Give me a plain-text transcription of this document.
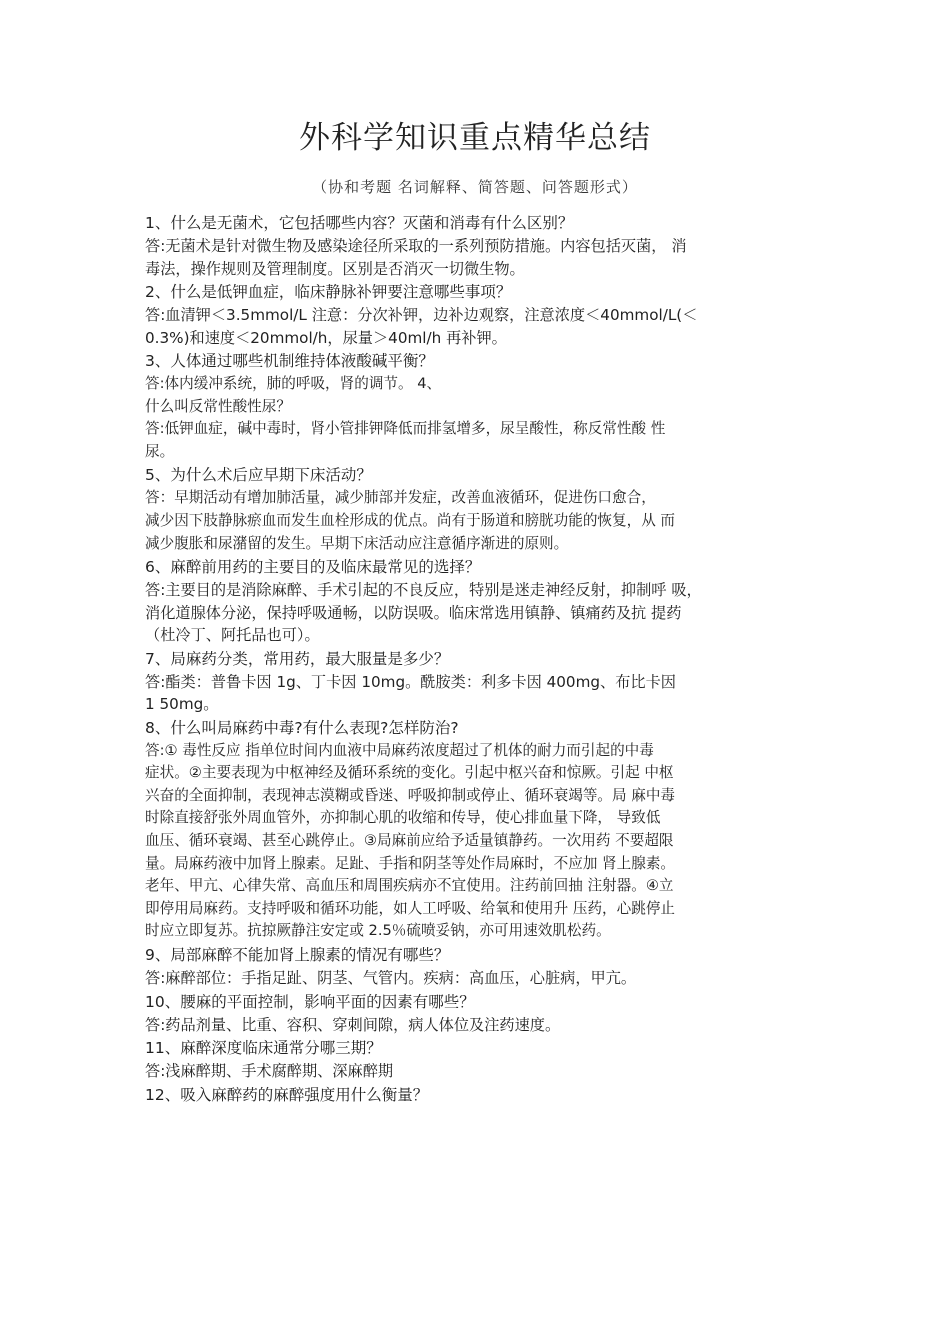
外科学知识重点精华总结
（协和考题 名词解释、简答题、问答题形式）
1、什么是无菌术，它包括哪些内容？灭菌和消毒有什么区别？
答:无菌术是针对微生物及感染途径所采取的一系列预防措施。内容包括灭菌， 消
毒法，操作规则及管理制度。区别是否消灭一切微生物。
2、什么是低钾血症，临床静脉补钾要注意哪些事项？
答:血清钾＜3.5mmol/L 注意：分次补钾，边补边观察，注意浓度＜40mmol/L(＜
0.3%)和速度＜20mmol/h，尿量＞40ml/h 再补钾。
3、人体通过哪些机制维持体液酸碱平衡？
答:体内缓冲系统，肺的呼吸，肾的调节。 4、
什么叫反常性酸性尿？
答:低钾血症，碱中毒时，肾小管排钾降低而排氢增多，尿呈酸性，称反常性酸 性
尿。
5、为什么术后应早期下床活动？
答：早期活动有增加肺活量，减少肺部并发症，改善血液循环，促进伤口愈合，
减少因下肢静脉瘀血而发生血栓形成的优点。尚有于肠道和膀胱功能的恢复，从 而
减少腹胀和尿潴留的发生。早期下床活动应注意循序渐进的原则。
6、麻醉前用药的主要目的及临床最常见的选择？
答:主要目的是消除麻醉、手术引起的不良反应，特别是迷走神经反射，抑制呼 吸，
消化道腺体分泌，保持呼吸通畅，以防误吸。临床常选用镇静、镇痛药及抗 提药
（杜冷丁、阿托品也可）。
7、局麻药分类，常用药，最大服量是多少？
答:酯类：普鲁卡因 1g、丁卡因 10mg。酰胺类：利多卡因 400mg、布比卡因
1 50mg。
8、什么叫局麻药中毒?有什么表现?怎样防治?
答:① 毒性反应 指单位时间内血液中局麻药浓度超过了机体的耐力而引起的中毒
症状。②主要表现为中枢神经及循环系统的变化。引起中枢兴奋和惊厥。引起 中枢
兴奋的全面抑制，表现神志漠糊或昏迷、呼吸抑制或停止、循环衰竭等。局 麻中毒
时除直接舒张外周血管外，亦抑制心肌的收缩和传导，使心排血量下降， 导致低
血压、循环衰竭、甚至心跳停止。③局麻前应给予适量镇静药。一次用药 不要超限
量。局麻药液中加肾上腺素。足趾、手指和阴茎等处作局麻时，不应加 肾上腺素。
老年、甲亢、心律失常、高血压和周围疾病亦不宜使用。注药前回抽 注射器。④立
即停用局麻药。支持呼吸和循环功能，如人工呼吸、给氧和使用升 压药，心跳停止
时应立即复苏。抗掠厥静注安定或 2.5％硫喷妥钠，亦可用速效肌松药。
9、局部麻醉不能加肾上腺素的情况有哪些？
答:麻醉部位：手指足趾、阴茎、气管内。疾病：高血压，心脏病，甲亢。
10、腰麻的平面控制，影响平面的因素有哪些？
答:药品剂量、比重、容积、穿刺间隙，病人体位及注药速度。
11、麻醉深度临床通常分哪三期？
答:浅麻醉期、手术腐醉期、深麻醉期
12、吸入麻醉药的麻醉强度用什么衡量？
